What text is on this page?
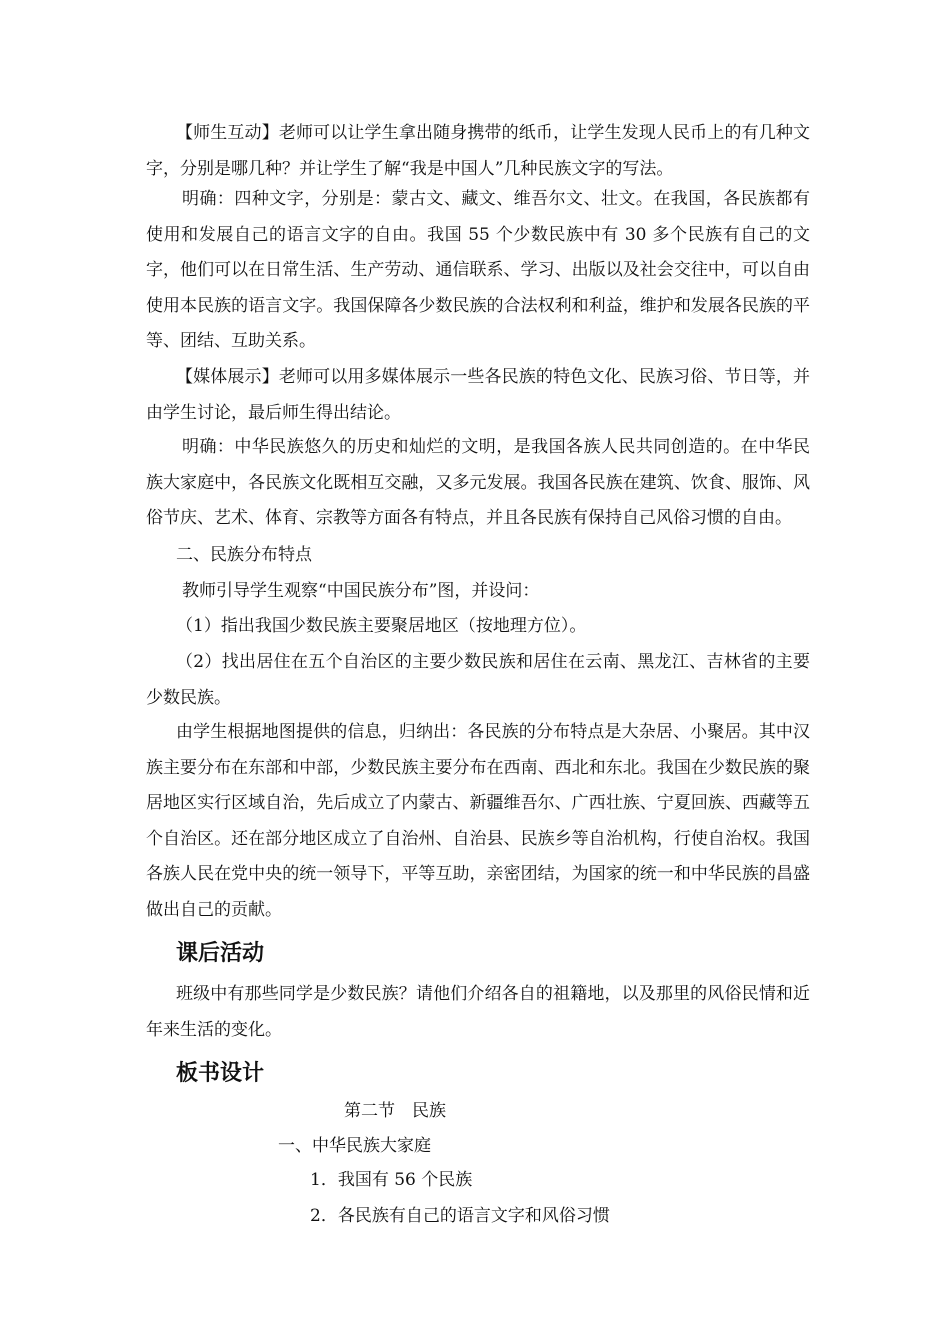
【师生互动】老师可以让学生拿出随身携带的纸币，让学生发现人民币上的有几种文字，分别是哪几种？并让学生了解“我是中国人”几种民族文字的写法。

明确：四种文字，分别是：蒙古文、藏文、维吾尔文、壮文。在我国，各民族都有使用和发展自己的语言文字的自由。我国 55 个少数民族中有 30 多个民族有自己的文字，他们可以在日常生活、生产劳动、通信联系、学习、出版以及社会交往中，可以自由使用本民族的语言文字。我国保障各少数民族的合法权利和利益，维护和发展各民族的平等、团结、互助关系。

【媒体展示】老师可以用多媒体展示一些各民族的特色文化、民族习俗、节日等，并由学生讨论，最后师生得出结论。

明确：中华民族悠久的历史和灿烂的文明，是我国各族人民共同创造的。在中华民族大家庭中，各民族文化既相互交融，又多元发展。我国各民族在建筑、饮食、服饰、风俗节庆、艺术、体育、宗教等方面各有特点，并且各民族有保持自己风俗习惯的自由。

二、民族分布特点

教师引导学生观察“中国民族分布”图，并设问：

（1）指出我国少数民族主要聚居地区（按地理方位）。

（2）找出居住在五个自治区的主要少数民族和居住在云南、黑龙江、吉林省的主要少数民族。

由学生根据地图提供的信息，归纳出：各民族的分布特点是大杂居、小聚居。其中汉族主要分布在东部和中部，少数民族主要分布在西南、西北和东北。我国在少数民族的聚居地区实行区域自治，先后成立了内蒙古、新疆维吾尔、广西壮族、宁夏回族、西藏等五个自治区。还在部分地区成立了自治州、自治县、民族乡等自治机构，行使自治权。我国各族人民在党中央的统一领导下，平等互助，亲密团结，为国家的统一和中华民族的昌盛做出自己的贡献。

课后活动

班级中有那些同学是少数民族？请他们介绍各自的祖籍地，以及那里的风俗民情和近年来生活的变化。

板书设计

第二节　民族

一、中华民族大家庭

1．我国有 56 个民族

2．各民族有自己的语言文字和风俗习惯
